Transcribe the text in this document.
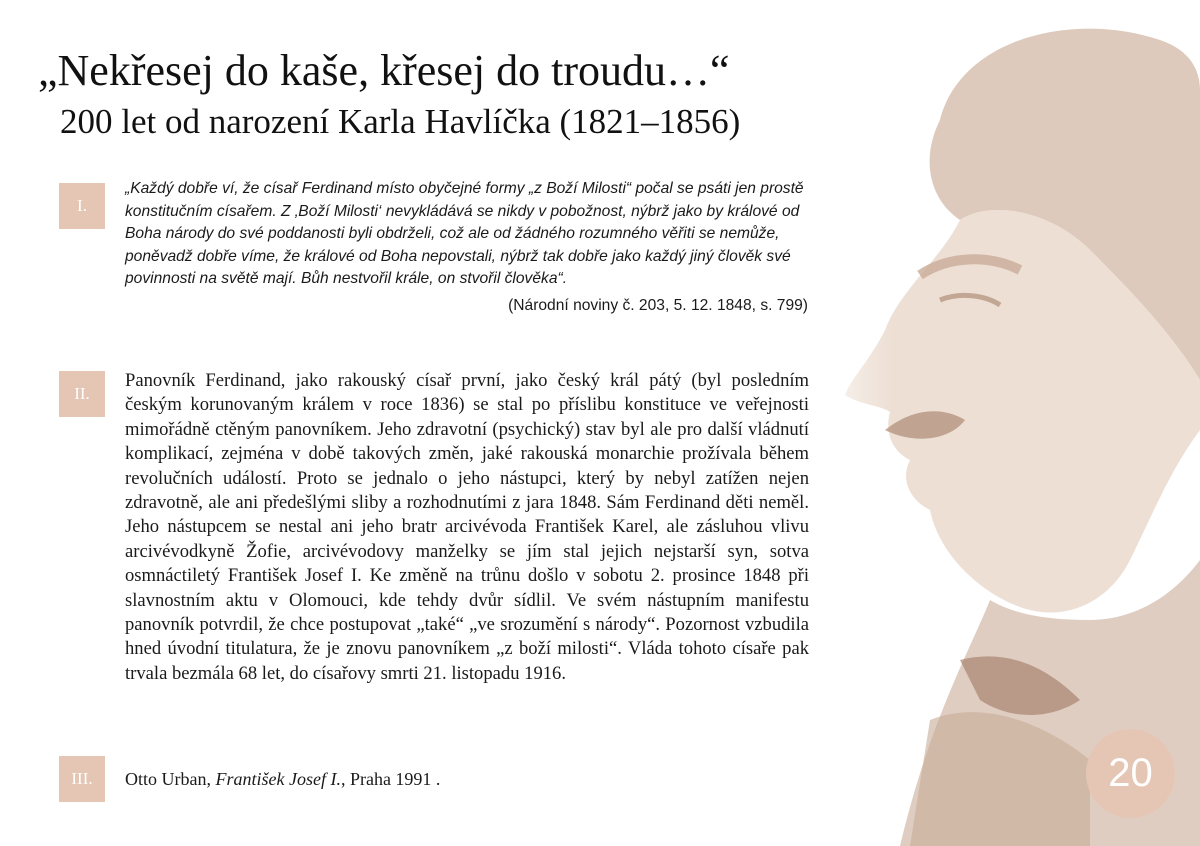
„Nekřesej do kaše, křesej do troudu…“
200 let od narození Karla Havlíčka (1821–1856)
I.

„Každý dobře ví, že císař Ferdinand místo obyčejné formy „z Boží Milosti“ počal se psáti jen prostě konstitučním císařem. Z ‚Boží Milosti‘ nevykládává se nikdy v pobožnost, nýbrž jako by králové od Boha národy do své poddanosti byli obdrželi, což ale od žádného rozumného věřiti se nemůže, poněvadž dobře víme, že králové od Boha nepovstali, nýbrž tak dobře jako každý jiný člověk své povinnosti na světě mají. Bůh nestvořil krále, on stvořil člověka“.

(Národní noviny č. 203, 5. 12. 1848, s. 799)

II.

Panovník Ferdinand, jako rakouský císař první, jako český král pátý (byl posledním českým korunovaným králem v roce 1836) se stal po příslibu konstituce ve veřejnosti mimořádně ctěným panovníkem. Jeho zdravotní (psychický) stav byl ale pro další vládnutí komplikací, zejména v době takových změn, jaké rakouská monarchie prožívala během revolučních událostí. Proto se jednalo o jeho nástupci, který by nebyl zatížen nejen zdravotně, ale ani předešlými sliby a rozhodnutími z jara 1848. Sám Ferdinand děti neměl. Jeho nástupcem se nestal ani jeho bratr arcivévoda František Karel, ale zásluhou vlivu arcivévodkyně Žofie, arcivévodovy manželky se jím stal jejich nejstarší syn, sotva osmnáctiletý František Josef I. Ke změně na trůnu došlo v sobotu 2. prosince 1848 při slavnostním aktu v Olomouci, kde tehdy dvůr sídlil. Ve svém nástupním manifestu panovník potvrdil, že chce postupovat „také“ „ve srozumění s národy“. Pozornost vzbudila hned úvodní titulatura, že je znovu panovníkem „z boží milosti“. Vláda tohoto císaře pak trvala bezmála 68 let, do císařovy smrti 21. listopadu 1916.

III.	Otto Urban, František Josef I., Praha 1991 .	20
